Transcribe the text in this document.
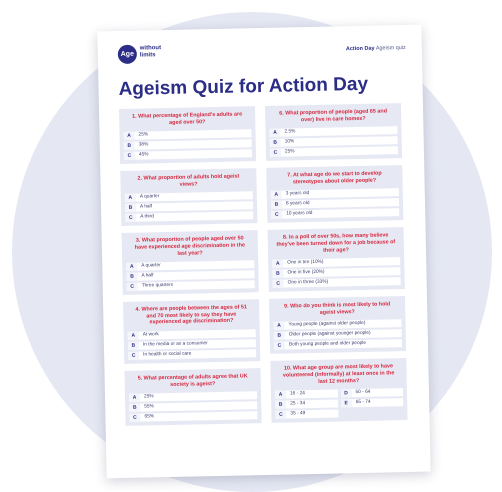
Age
without
limits
Action Day Ageism quiz
Ageism Quiz for Action Day
1. What percentage of England's adults are aged over 50?
A	25%
B	38%
C	45%
2. What proportion of adults hold ageist views?
A	A quarter
B	A half
C	A third
3. What proportion of people aged over 50 have experienced age discrimination in the last year?
A	A quarter
B	A half
C	Three quarters
4. Where are people between the ages of 51 and 70 most likely to say they have experienced age discrimination?
A	At work
B	In the media or as a consumer
C	In health or social care
5. What percentage of adults agree that UK society is ageist?
A	25%
B	55%
C	65%
6. What proportion of people (aged 65 and over) live in care homes?
A	2.5%
B	10%
C	25%
7. At what age do we start to develop stereotypes about older people?
A	3 years old
B	8 years old
C	10 years old
8. In a poll of over 50s, how many believe they've been turned down for a job because of their age?
A	One in ten (10%)
B	One in five (20%)
C	One in three (33%)
9. Who do you think is most likely to hold ageist views?
A	Young people (against older people)
B	Older people (against younger people)
C	Both young people and older people
10. What age group are most likely to have volunteered (informally) at least once in the last 12 months?
A	16 - 24	D	50 - 64
B	25 - 34	E	65 - 74
C	35 - 49
